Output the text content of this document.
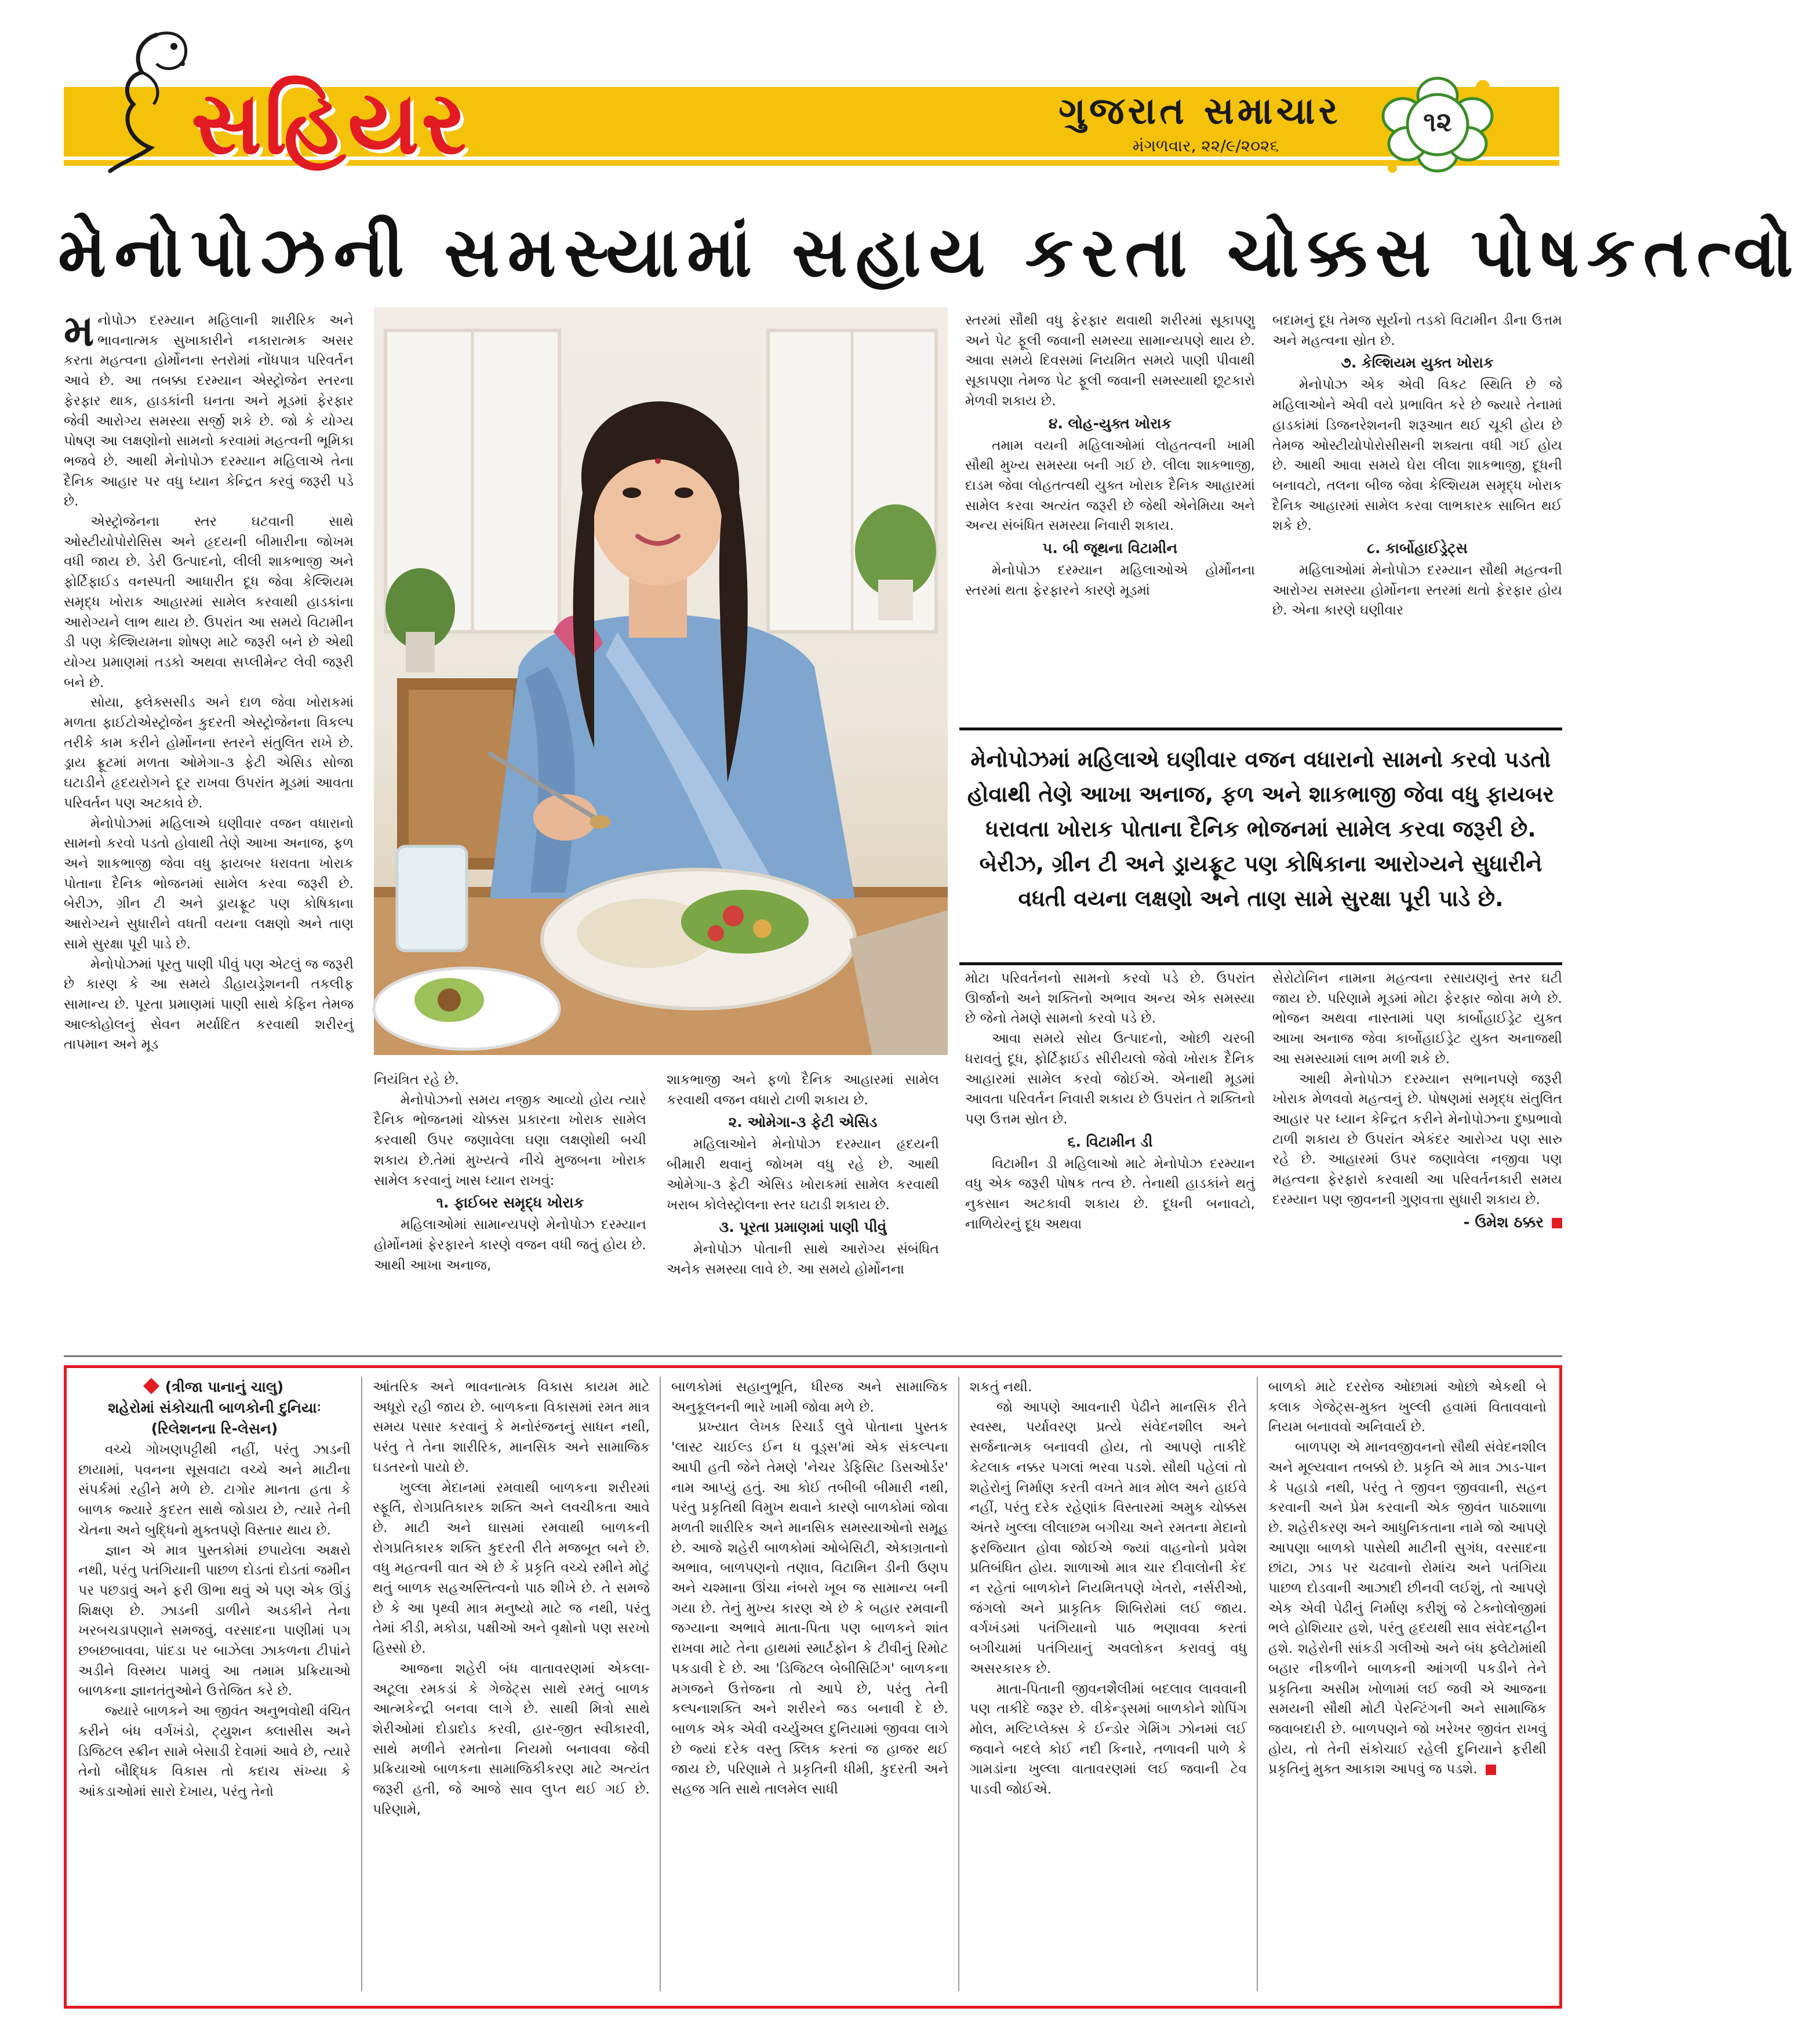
સહિયર	ગુજરાત સમાચાર
મંગળવાર, ૨૨/૯/૨૦૨૬
૧૨
મેનોપોઝની સમસ્યામાં સહાય કરતા ચોક્કસ પોષકતત્વો

મનોપોઝ દરમ્યાન મહિલાની શારીરિક અને ભાવનાત્મક સુખાકારીને નકારાત્મક અસર કરતા મહત્વના હોર્મોનના સ્તરોમાં નોંધપાત્ર પરિવર્તન આવે છે. આ તબક્કા દરમ્યાન એસ્ટ્રોજેન સ્તરના ફેરફાર થાક, હાડકાંની ઘનતા અને મૂડમાં ફેરફાર જેવી આરોગ્ય સમસ્યા સર્જી શકે છે. જો કે યોગ્ય પોષણ આ લક્ષણોનો સામનો કરવામાં મહત્વની ભૂમિકા ભજવે છે. આથી મેનોપોઝ દરમ્યાન મહિલાએ તેના દૈનિક આહાર પર વધુ ધ્યાન કેન્દ્રિત કરવું જરૂરી પડે છે.

એસ્ટ્રોજેનના સ્તર ઘટવાની સાથે ઓસ્ટીયોપોરોસિસ અને હૃદયની બીમારીના જોખમ વધી જાય છે. ડેરી ઉત્પાદનો, લીલી શાકભાજી અને ફોર્ટિફાઈડ વનસ્પતી આધારીત દૂધ જેવા કેલ્શિયમ સમૃદ્ધ ખોરાક આહારમાં સામેલ કરવાથી હાડકાંના આરોગ્યને લાભ થાય છે. ઉપરાંત આ સમયે વિટામીન ડી પણ કેલ્શિયમના શોષણ માટે જરૂરી બને છે એથી યોગ્ય પ્રમાણમાં તડકો અથવા સપ્લીમેન્ટ લેવી જરૂરી બને છે.

સોયા, ફ્લેક્સસીડ અને દાળ જેવા ખોરાકમાં મળતા ફાઈટોએસ્ટ્રોજેન કુદરતી એસ્ટ્રોજેનના વિકલ્પ તરીકે કામ કરીને હોર્મોનના સ્તરને સંતુલિત રાખે છે. ડ્રાય ફ્રૂટમાં મળતા ઓમેગા-૩ ફેટી એસિડ સોજા ઘટાડીને હૃદયરોગને દૂર રાખવા ઉપરાંત મૂડમાં આવતા પરિવર્તન પણ અટકાવે છે.

મેનોપોઝમાં મહિલાએ ઘણીવાર વજન વધારાનો સામનો કરવો પડતો હોવાથી તેણે આખા અનાજ, ફળ અને શાકભાજી જેવા વધુ ફાયબર ધરાવતા ખોરાક પોતાના દૈનિક ભોજનમાં સામેલ કરવા જરૂરી છે. બેરીઝ, ગ્રીન ટી અને ડ્રાયફ્રૂટ પણ કોષિકાના આરોગ્યને સુધારીને વધતી વયના લક્ષણો અને તાણ સામે સુરક્ષા પૂરી પાડે છે.

મેનોપોઝમાં પૂરતુ પાણી પીવું પણ એટલું જ જરૂરી છે કારણ કે આ સમયે ડીહાયડ્રેશનની તકલીફ સામાન્ય છે. પૂરતા પ્રમાણમાં પાણી સાથે કેફિન તેમજ આલ્કોહોલનું સેવન મર્યાદિત કરવાથી શરીરનું તાપમાન અને મૂડ

નિયંત્રિત રહે છે.

મેનોપોઝનો સમય નજીક આવ્યો હોય ત્યારે દૈનિક ભોજનમાં ચોક્કસ પ્રકારના ખોરાક સામેલ કરવાથી ઉપર જણાવેલા ઘણા લક્ષણોથી બચી શકાય છે.તેમાં મુખ્યત્વે નીચે મુજબના ખોરાક સામેલ કરવાનું ખાસ ધ્યાન રાખવું:

૧. ફાઈબર સમૃદ્ધ ખોરાક

મહિલાઓમાં સામાન્યપણે મેનોપોઝ દરમ્યાન હોર્મોનમાં ફેરફારને કારણે વજન વધી જતું હોય છે. આથી આખા અનાજ,

શાકભાજી અને ફળો દૈનિક આહારમાં સામેલ કરવાથી વજન વધારો ટાળી શકાય છે.

૨. ઓમેગા-૩ ફેટી એસિડ

મહિલાઓને મેનોપોઝ દરમ્યાન હૃદયની બીમારી થવાનું જોખમ વધુ રહે છે. આથી ઓમેગા-૩ ફેટી એસિડ ખોરાકમાં સામેલ કરવાથી ખરાબ કોલેસ્ટ્રોલના સ્તર ઘટાડી શકાય છે.

૩. પૂરતા પ્રમાણમાં પાણી પીવું

મેનોપોઝ પોતાની સાથે આરોગ્ય સંબંધિત અનેક સમસ્યા લાવે છે. આ સમયે હોર્મોનના

સ્તરમાં સૌથી વધુ ફેરફાર થવાથી શરીરમાં સૂકાપણુ અને પેટ ફૂલી જવાની સમસ્યા સામાન્યપણે થાય છે. આવા સમયે દિવસમાં નિયમિત સમયે પાણી પીવાથી સૂકાપણા તેમજ પેટ ફૂલી જવાની સમસ્યાથી છૂટકારો મેળવી શકાય છે.

૪. લોહ-યુક્ત ખોરાક

તમામ વયની મહિલાઓમાં લોહતત્વની ખામી સૌથી મુખ્ય સમસ્યા બની ગઈ છે. લીલા શાકભાજી, દાડમ જેવા લોહતત્વથી યુક્ત ખોરાક દૈનિક આહારમાં સામેલ કરવા અત્યંત જરૂરી છે જેથી એનેમિયા અને અન્ય સંબંધિત સમસ્યા નિવારી શકાય.

૫. બી જૂથના વિટામીન

મેનોપોઝ દરમ્યાન મહિલાઓએ હોર્મોનના સ્તરમાં થતા ફેરફારને કારણે મૂડમાં

બદામનું દૂધ તેમજ સૂર્યનો તડકો વિટામીન ડીના ઉત્તમ અને મહત્વના સ્રોત છે.

૭. કેલ્શિયમ યુક્ત ખોરાક

મેનોપોઝ એક એવી વિકટ સ્થિતિ છે જે મહિલાઓને એવી વયે પ્રભાવિત કરે છે જ્યારે તેનામાં હાડકાંમાં ડિજનરેશનની શરૂઆત થઈ ચૂકી હોય છે તેમજ ઓસ્ટીયોપોરોસીસની શક્યતા વધી ગઈ હોય છે. આથી આવા સમયે ઘેરા લીલા શાકભાજી, દૂધની બનાવટો, તલના બીજ જેવા કેલ્શિયમ સમૃદ્ધ ખોરાક દૈનિક આહારમાં સામેલ કરવા લાભકારક સાબિત થઈ શકે છે.

૮. કાર્બોહાઈડ્રેટ્સ

મહિલાઓમાં મેનોપોઝ દરમ્યાન સૌથી મહત્વની આરોગ્ય સમસ્યા હોર્મોનના સ્તરમાં થતો ફેરફાર હોય છે. એના કારણે ઘણીવાર

મેનોપોઝમાં મહિલાએ ઘણીવાર વજન વધારાનો સામનો કરવો પડતો હોવાથી તેણે આખા અનાજ, ફળ અને શાકભાજી જેવા વધુ ફાયબર ધરાવતા ખોરાક પોતાના દૈનિક ભોજનમાં સામેલ કરવા જરૂરી છે. બેરીઝ, ગ્રીન ટી અને ડ્રાયફ્રૂટ પણ કોષિકાના આરોગ્યને સુધારીને વધતી વયના લક્ષણો અને તાણ સામે સુરક્ષા પૂરી પાડે છે.

મોટા પરિવર્તનનો સામનો કરવો પડે છે. ઉપરાંત ઊર્જાનો અને શક્તિનો અભાવ અન્ય એક સમસ્યા છે જેનો તેમણે સામનો કરવો પડે છે.

આવા સમયે સોય ઉત્પાદનો, ઓછી ચરબી ધરાવતું દૂધ, ફોર્ટિફાઈડ સીરીયલો જેવો ખોરાક દૈનિક આહારમાં સામેલ કરવો જોઈએ. એનાથી મૂડમાં આવતા પરિવર્તન નિવારી શકાય છે ઉપરાંત તે શક્તિનો પણ ઉત્તમ સ્રોત છે.

૬. વિટામીન ડી

વિટામીન ડી મહિલાઓ માટે મેનોપોઝ દરમ્યાન વધુ એક જરૂરી પોષક તત્વ છે. તેનાથી હાડકાંને થતું નુકસાન અટકાવી શકાય છે. દૂધની બનાવટો, નાળિયેરનું દૂધ અથવા

સેરોટોનિન નામના મહત્વના રસાયણનું સ્તર ઘટી જાય છે. પરિણામે મૂડમાં મોટા ફેરફાર જોવા મળે છે. ભોજન અથવા નાસ્તામાં પણ કાર્બોહાઈડ્રેટ યુક્ત આખા અનાજ જેવા કાર્બોહાઈડ્રેટ યુક્ત અનાજથી આ સમસ્યામાં લાભ મળી શકે છે.

આથી મેનોપોઝ દરમ્યાન સભાનપણે જરૂરી ખોરાક મેળવવો મહત્વનું છે. પોષણમાં સમૃદ્ધ સંતુલિત આહાર પર ધ્યાન કેન્દ્રિત કરીને મેનોપોઝના દુષ્પ્રભાવો ટાળી શકાય છે ઉપરાંત એકંદર આરોગ્ય પણ સારુ રહે છે. આહારમાં ઉપર જણાવેલા નજીવા પણ મહત્વના ફેરફારો કરવાથી આ પરિવર્તનકારી સમય દરમ્યાન પણ જીવનની ગુણવત્તા સુધારી શકાય છે.

- ઉમેશ ઠક્કર
(ત્રીજા પાનાનું ચાલુ)
શહેરોમાં સંકોચાતી બાળકોની દુનિયાઃ
(રિલેશનના રિ-લેસન)

વચ્ચે ગોખણપટ્ટીથી નહીં, પરંતુ ઝાડની છાયામાં, પવનના સૂસવાટા વચ્ચે અને માટીના સંપર્કમાં રહીને મળે છે. ટાગોર માનતા હતા કે બાળક જ્યારે કુદરત સાથે જોડાય છે, ત્યારે તેની ચેતના અને બુદ્ધિનો મુક્તપણે વિસ્તાર થાય છે.

જ્ઞાન એ માત્ર પુસ્તકોમાં છપાયેલા અક્ષરો નથી, પરંતુ પતંગિયાની પાછળ દોડતાં દોડતાં જમીન પર પછડાવું અને ફરી ઊભા થવું એ પણ એક ઊંડું શિક્ષણ છે. ઝાડની ડાળીને અડકીને તેના ખરબચડાપણાને સમજવું, વરસાદના પાણીમાં પગ છબછબાવવા, પાંદડા પર બાઝેલા ઝાકળના ટીપાંને અડીને વિસ્મય પામવું આ તમામ પ્રક્રિયાઓ બાળકના જ્ઞાનતંતુઓને ઉત્તેજિત કરે છે.

જ્યારે બાળકને આ જીવંત અનુભવોથી વંચિત કરીને બંધ વર્ગખંડો, ટ્યુશન ક્લાસીસ અને ડિજિટલ સ્ક્રીન સામે બેસાડી દેવામાં આવે છે, ત્યારે તેનો બૌદ્ધિક વિકાસ તો કદાચ સંખ્યા કે આંકડાઓમાં સારો દેખાય, પરંતુ તેનો

આંતરિક અને ભાવનાત્મક વિકાસ કાયમ માટે અધૂરો રહી જાય છે. બાળકના વિકાસમાં રમત માત્ર સમય પસાર કરવાનું કે મનોરંજનનું સાધન નથી, પરંતુ તે તેના શારીરિક, માનસિક અને સામાજિક ઘડતરનો પાયો છે.

ખુલ્લા મેદાનમાં રમવાથી બાળકના શરીરમાં સ્ફૂર્તિ, રોગપ્રતિકારક શક્તિ અને લવચીકતા આવે છે. માટી અને ઘાસમાં રમવાથી બાળકની રોગપ્રતિકારક શક્તિ કુદરતી રીતે મજબૂત બને છે. વધુ મહત્વની વાત એ છે કે પ્રકૃતિ વચ્ચે રમીને મોટું થતું બાળક સહઅસ્તિત્વનો પાઠ શીખે છે. તે સમજે છે કે આ પૃથ્વી માત્ર મનુષ્યો માટે જ નથી, પરંતુ તેમાં કીડી, મકોડા, પક્ષીઓ અને વૃક્ષોનો પણ સરખો હિસ્સો છે.

આજના શહેરી બંધ વાતાવરણમાં એકલા-અટૂલા રમકડાં કે ગેજેટ્સ સાથે રમતું બાળક આત્મકેન્દ્રી બનવા લાગે છે. સાથી મિત્રો સાથે શેરીઓમાં દોડાદોડ કરવી, હાર-જીત સ્વીકારવી, સાથે મળીને રમતોના નિયમો બનાવવા જેવી પ્રક્રિયાઓ બાળકના સામાજિકીકરણ માટે અત્યંત જરૂરી હતી, જે આજે સાવ લુપ્ત થઈ ગઈ છે. પરિણામે,

બાળકોમાં સહાનુભૂતિ, ધીરજ અને સામાજિક અનુકૂલનની ભારે ખામી જોવા મળે છે.

પ્રખ્યાત લેખક રિચાર્ડ લુવે પોતાના પુસ્તક 'લાસ્ટ ચાઈલ્ડ ઈન ધ વૂડ્સ'માં એક સંકલ્પના આપી હતી જેને તેમણે 'નેચર ડેફિસિટ ડિસઓર્ડર' નામ આપ્યું હતું. આ કોઈ તબીબી બીમારી નથી, પરંતુ પ્રકૃતિથી વિમુખ થવાને કારણે બાળકોમાં જોવા મળતી શારીરિક અને માનસિક સમસ્યાઓનો સમૂહ છે. આજે શહેરી બાળકોમાં ઓબેસિટી, એકાગ્રતાનો અભાવ, બાળપણનો તણાવ, વિટામિન ડીની ઉણપ અને ચશ્માના ઊંચા નંબરો ખૂબ જ સામાન્ય બની ગયા છે. તેનું મુખ્ય કારણ એ છે કે બહાર રમવાની જગ્યાના અભાવે માતા-પિતા પણ બાળકને શાંત રાખવા માટે તેના હાથમાં સ્માર્ટફોન કે ટીવીનું રિમોટ પકડાવી દે છે. આ 'ડિજિટલ બેબીસિટિંગ' બાળકના મગજને ઉત્તેજના તો આપે છે, પરંતુ તેની કલ્પનાશક્તિ અને શરીરને જડ બનાવી દે છે. બાળક એક એવી વર્ચ્યુઅલ દુનિયામાં જીવવા લાગે છે જ્યાં દરેક વસ્તુ ક્લિક કરતાં જ હાજર થઈ જાય છે, પરિણામે તે પ્રકૃતિની ધીમી, કુદરતી અને સહજ ગતિ સાથે તાલમેલ સાધી

શકતું નથી.

જો આપણે આવનારી પેઢીને માનસિક રીતે સ્વસ્થ, પર્યાવરણ પ્રત્યે સંવેદનશીલ અને સર્જનાત્મક બનાવવી હોય, તો આપણે તાકીદે કેટલાક નક્કર પગલાં ભરવા પડશે. સૌથી પહેલાં તો શહેરોનું નિર્માણ કરતી વખતે માત્ર મોલ અને હાઈવે નહીં, પરંતુ દરેક રહેણાંક વિસ્તારમાં અમુક ચોક્કસ અંતરે ખુલ્લા લીલાછમ બગીચા અને રમતના મેદાનો ફરજિયાત હોવા જોઈએ જ્યાં વાહનોનો પ્રવેશ પ્રતિબંધિત હોય. શાળાઓ માત્ર ચાર દીવાલોની કેદ ન રહેતાં બાળકોને નિયમિતપણે ખેતરો, નર્સરીઓ, જંગલો અને પ્રાકૃતિક શિબિરોમાં લઈ જાય. વર્ગખંડમાં પતંગિયાનો પાઠ ભણાવવા કરતાં બગીચામાં પતંગિયાનું અવલોકન કરાવવું વધુ અસરકારક છે.

માતા-પિતાની જીવનશૈલીમાં બદલાવ લાવવાની પણ તાકીદે જરૂર છે. વીકેન્ડ્સમાં બાળકોને શોપિંગ મોલ, મલ્ટિપ્લેક્સ કે ઈન્ડોર ગેમિંગ ઝોનમાં લઈ જવાને બદલે કોઈ નદી કિનારે, તળાવની પાળે કે ગામડાંના ખુલ્લા વાતાવરણમાં લઈ જવાની ટેવ પાડવી જોઈએ.

બાળકો માટે દરરોજ ઓછામાં ઓછો એકથી બે કલાક ગેજેટ્સ-મુક્ત ખુલ્લી હવામાં વિતાવવાનો નિયમ બનાવવો અનિવાર્ય છે.

બાળપણ એ માનવજીવનનો સૌથી સંવેદનશીલ અને મૂલ્યવાન તબક્કો છે. પ્રકૃતિ એ માત્ર ઝાડ-પાન કે પહાડો નથી, પરંતુ તે જીવન જીવવાની, સહન કરવાની અને પ્રેમ કરવાની એક જીવંત પાઠશાળા છે. શહેરીકરણ અને આધુનિકતાના નામે જો આપણે આપણા બાળકો પાસેથી માટીની સુગંધ, વરસાદના છાંટા, ઝાડ પર ચઢવાનો રોમાંચ અને પતંગિયા પાછળ દોડવાની આઝાદી છીનવી લઈશું, તો આપણે એક એવી પેઢીનું નિર્માણ કરીશું જે ટેક્નોલોજીમાં ભલે હોશિયાર હશે, પરંતુ હૃદયથી સાવ સંવેદનહીન હશે. શહેરોની સાંકડી ગલીઓ અને બંધ ફ્લેટોમાંથી બહાર નીકળીને બાળકની આંગળી પકડીને તેને પ્રકૃતિના અસીમ ખોળામાં લઈ જવી એ આજના સમયની સૌથી મોટી પેરન્ટિંગની અને સામાજિક જવાબદારી છે. બાળપણને જો ખરેખર જીવંત રાખવું હોય, તો તેની સંકોચાઈ રહેલી દુનિયાને ફરીથી પ્રકૃતિનું મુક્ત આકાશ આપવું જ પડશે.
